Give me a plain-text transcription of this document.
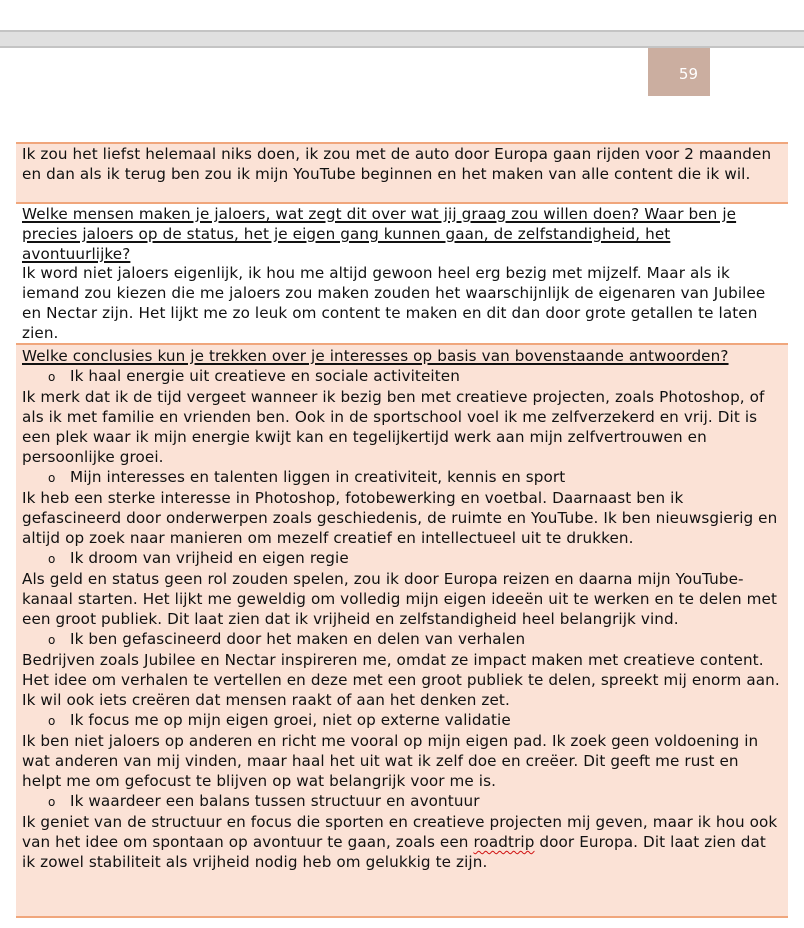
59

Ik zou het liefst helemaal niks doen, ik zou met de auto door Europa gaan rijden voor 2 maanden en dan als ik terug ben zou ik mijn YouTube beginnen en het maken van alle content die ik wil.

Welke mensen maken je jaloers, wat zegt dit over wat jij graag zou willen doen? Waar ben je precies jaloers op de status, het je eigen gang kunnen gaan, de zelfstandigheid, het avontuurlijke?

Ik word niet jaloers eigenlijk, ik hou me altijd gewoon heel erg bezig met mijzelf. Maar als ik iemand zou kiezen die me jaloers zou maken zouden het waarschijnlijk de eigenaren van Jubilee en Nectar zijn. Het lijkt me zo leuk om content te maken en dit dan door grote getallen te laten zien.

Welke conclusies kun je trekken over je interesses op basis van bovenstaande antwoorden?

o Ik haal energie uit creatieve en sociale activiteiten

Ik merk dat ik de tijd vergeet wanneer ik bezig ben met creatieve projecten, zoals Photoshop, of als ik met familie en vrienden ben. Ook in de sportschool voel ik me zelfverzekerd en vrij. Dit is een plek waar ik mijn energie kwijt kan en tegelijkertijd werk aan mijn zelfvertrouwen en persoonlijke groei.

o Mijn interesses en talenten liggen in creativiteit, kennis en sport

Ik heb een sterke interesse in Photoshop, fotobewerking en voetbal. Daarnaast ben ik gefascineerd door onderwerpen zoals geschiedenis, de ruimte en YouTube. Ik ben nieuwsgierig en altijd op zoek naar manieren om mezelf creatief en intellectueel uit te drukken.

o Ik droom van vrijheid en eigen regie

Als geld en status geen rol zouden spelen, zou ik door Europa reizen en daarna mijn YouTube-kanaal starten. Het lijkt me geweldig om volledig mijn eigen ideeën uit te werken en te delen met een groot publiek. Dit laat zien dat ik vrijheid en zelfstandigheid heel belangrijk vind.

o Ik ben gefascineerd door het maken en delen van verhalen

Bedrijven zoals Jubilee en Nectar inspireren me, omdat ze impact maken met creatieve content. Het idee om verhalen te vertellen en deze met een groot publiek te delen, spreekt mij enorm aan. Ik wil ook iets creëren dat mensen raakt of aan het denken zet.

o Ik focus me op mijn eigen groei, niet op externe validatie

Ik ben niet jaloers op anderen en richt me vooral op mijn eigen pad. Ik zoek geen voldoening in wat anderen van mij vinden, maar haal het uit wat ik zelf doe en creëer. Dit geeft me rust en helpt me om gefocust te blijven op wat belangrijk voor me is.

o Ik waardeer een balans tussen structuur en avontuur

Ik geniet van de structuur en focus die sporten en creatieve projecten mij geven, maar ik hou ook van het idee om spontaan op avontuur te gaan, zoals een roadtrip door Europa. Dit laat zien dat ik zowel stabiliteit als vrijheid nodig heb om gelukkig te zijn.
